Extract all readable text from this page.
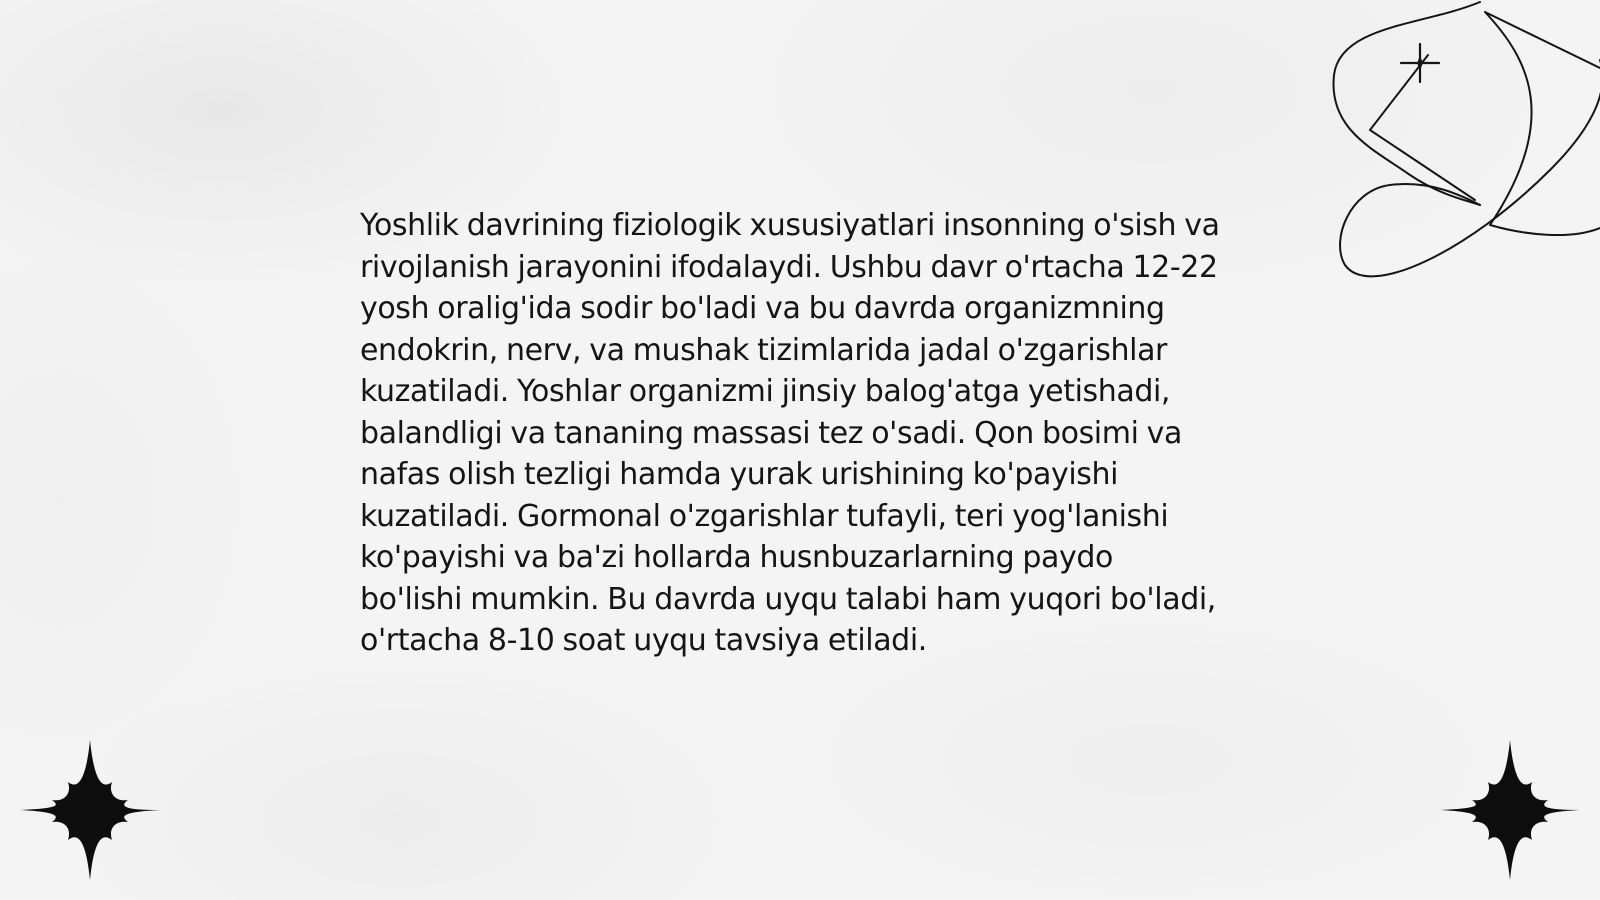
Yoshlik davrining fiziologik xususiyatlari insonning o'sish va rivojlanish jarayonini ifodalaydi. Ushbu davr o'rtacha 12-22 yosh oralig'ida sodir bo'ladi va bu davrda organizmning endokrin, nerv, va mushak tizimlarida jadal o'zgarishlar kuzatiladi. Yoshlar organizmi jinsiy balog'atga yetishadi, balandligi va tananing massasi tez o'sadi. Qon bosimi va nafas olish tezligi hamda yurak urishining ko'payishi kuzatiladi. Gormonal o'zgarishlar tufayli, teri yog'lanishi ko'payishi va ba'zi hollarda husnbuzarlarning paydo bo'lishi mumkin. Bu davrda uyqu talabi ham yuqori bo'ladi, o'rtacha 8-10 soat uyqu tavsiya etiladi.
